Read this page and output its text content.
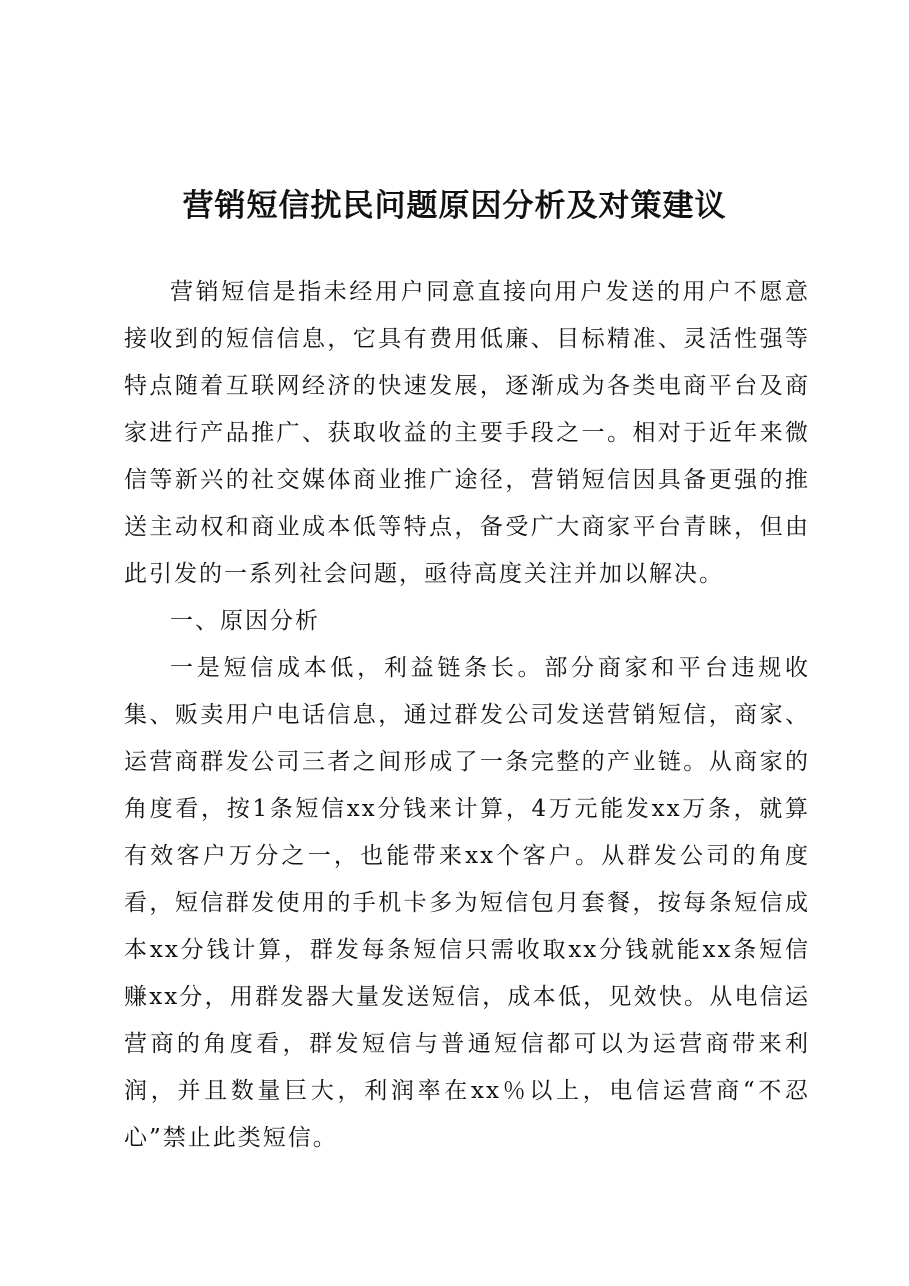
营销短信扰民问题原因分析及对策建议

营销短信是指未经用户同意直接向用户发送的用户不愿意接收到的短信信息，它具有费用低廉、目标精准、灵活性强等特点随着互联网经济的快速发展，逐渐成为各类电商平台及商家进行产品推广、获取收益的主要手段之一。相对于近年来微信等新兴的社交媒体商业推广途径，营销短信因具备更强的推送主动权和商业成本低等特点，备受广大商家平台青睐，但由此引发的一系列社会问题，亟待高度关注并加以解决。

一、原因分析

一是短信成本低，利益链条长。部分商家和平台违规收集、贩卖用户电话信息，通过群发公司发送营销短信，商家、运营商群发公司三者之间形成了一条完整的产业链。从商家的角度看，按1条短信xx分钱来计算，4万元能发xx万条，就算有效客户万分之一，也能带来xx个客户。从群发公司的角度看，短信群发使用的手机卡多为短信包月套餐，按每条短信成本xx分钱计算，群发每条短信只需收取xx分钱就能xx条短信赚xx分，用群发器大量发送短信，成本低，见效快。从电信运营商的角度看，群发短信与普通短信都可以为运营商带来利润，并且数量巨大，利润率在xx％以上，电信运营商“不忍心”禁止此类短信。
